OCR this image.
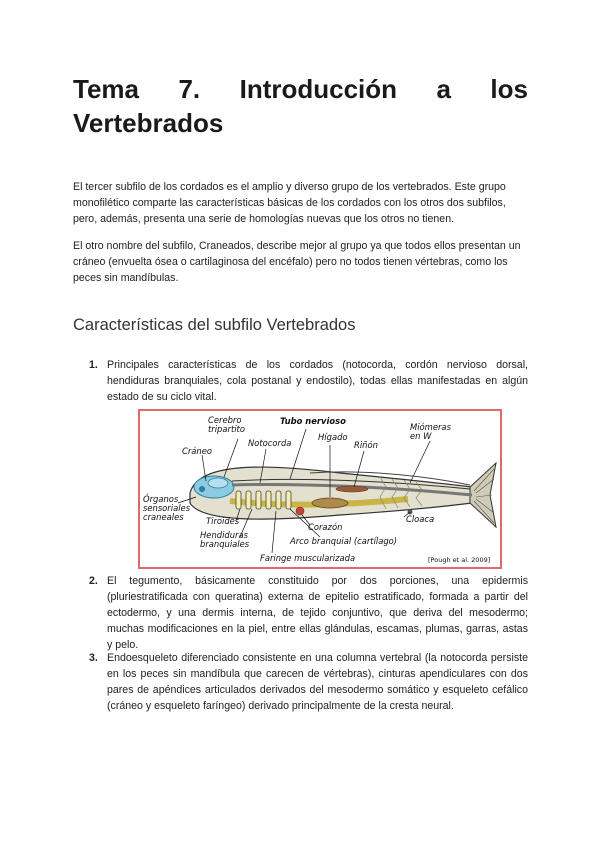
Tema 7. Introducción a los
Vertebrados

El tercer subfilo de los cordados es el amplio y diverso grupo de los vertebrados. Este grupo monofilético comparte las características básicas de los cordados con los otros dos subfilos, pero, además, presenta una serie de homologías nuevas que los otros no tienen.

El otro nombre del subfilo, Craneados, describe mejor al grupo ya que todos ellos presentan un cráneo (envuelta ósea o cartilaginosa del encéfalo) pero no todos tienen vértebras, como los peces sin mandíbulas.

Características del subfilo Vertebrados
1. Principales características de los cordados (notocorda, cordón nervioso dorsal, hendiduras branquiales, cola postanal y endostilo), todas ellas manifestadas en algún estado de su ciclo vital.
2. El tegumento, básicamente constituido por dos porciones, una epidermis (pluriestratificada con queratina) externa de epitelio estratificado, formada a partir del ectodermo, y una dermis interna, de tejido conjuntivo, que deriva del mesodermo; muchas modificaciones en la piel, entre ellas glándulas, escamas, plumas, garras, astas y pelo.
3. Endoesqueleto diferenciado consistente en una columna vertebral (la notocorda persiste en los peces sin mandíbula que carecen de vértebras), cinturas apendiculares con dos pares de apéndices articulados derivados del mesodermo somático y esqueleto cefálico (cráneo y esqueleto faríngeo) derivado principalmente de la cresta neural.
Cerebro tripartito
Cráneo
Notocorda
Tubo nervioso
Hígado
Riñón
Miómeras en W
Órganos sensoriales craneales	Tiroides
Hendiduras branquiales
Faringe muscularizada
Corazón
Arco branquial (cartílago)
Cloaca
[Pough et al. 2009]
